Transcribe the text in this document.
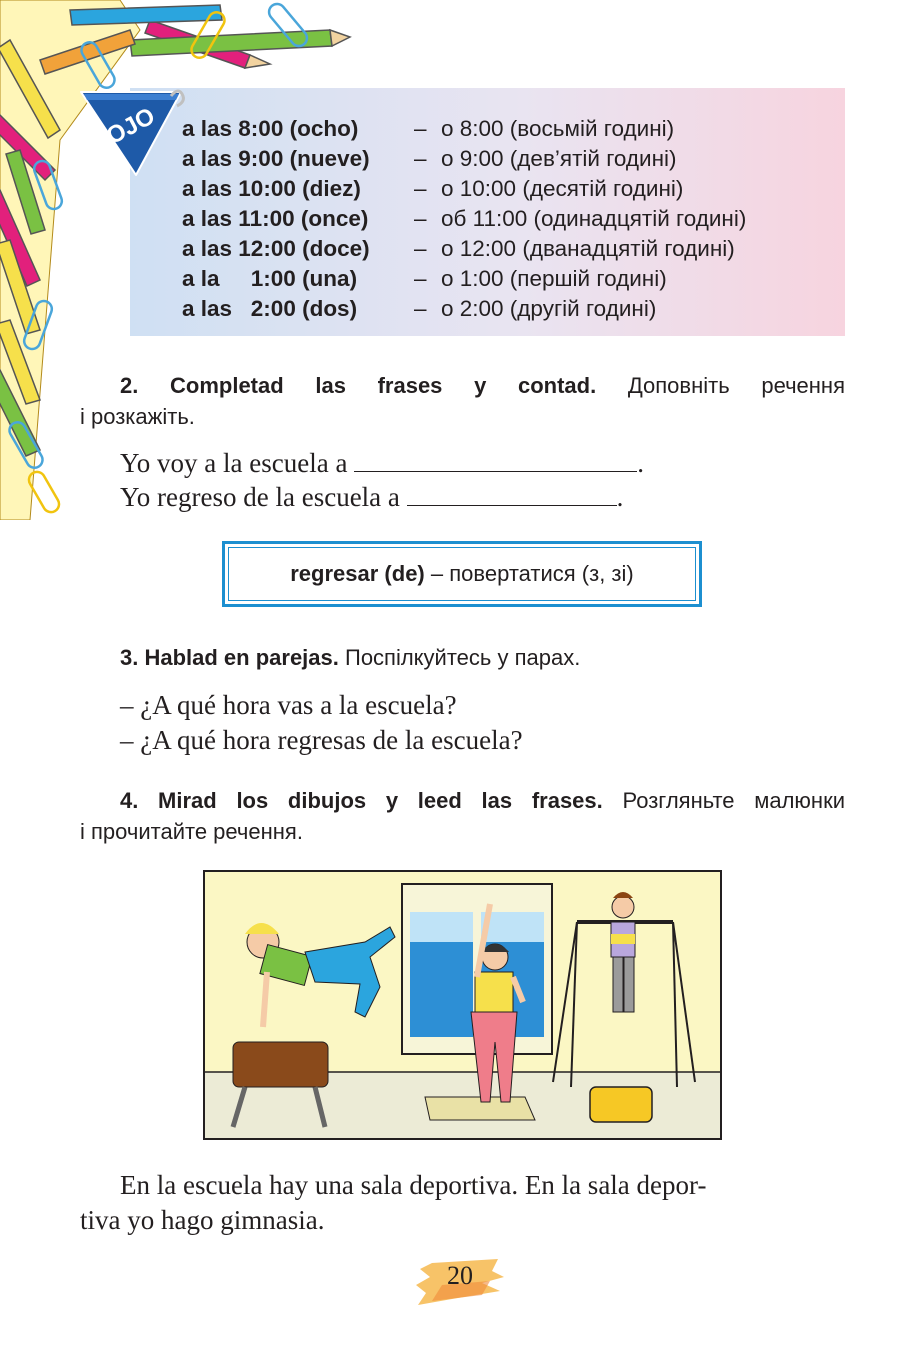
OJO a las 8:00 (ocho)	– о 8:00 (восьмій годині)
a las 9:00 (nueve)	– о 9:00 (дев’ятій годині)
a las 10:00 (diez)	– о 10:00 (десятій годині)
a las 11:00 (once)	– об 11:00 (одинадцятій годині)
a las 12:00 (doce)	– о 12:00 (дванадцятій годині)
a la     1:00 (una)	– о 1:00 (першій годині)
a las   2:00 (dos)	– о 2:00 (другій годині)
2. Completad las frases y contad. Доповніть речення
і розкажіть.
Yo voy a la escuela a	.
Yo regreso de la escuela a	.
regresar (de)
– повертатися (з, зі)
3. Hablad en parejas. Поспілкуйтесь у парах.
– ¿A qué hora vas a la escuela?
– ¿A qué hora regresas de la escuela?
4. Mirad los dibujos y leed las frases. Розгляньте малюнки
і прочитайте речення.

En la escuela hay una sala deportiva. En la sala depor-

tiva yo hago gimnasia.
20
